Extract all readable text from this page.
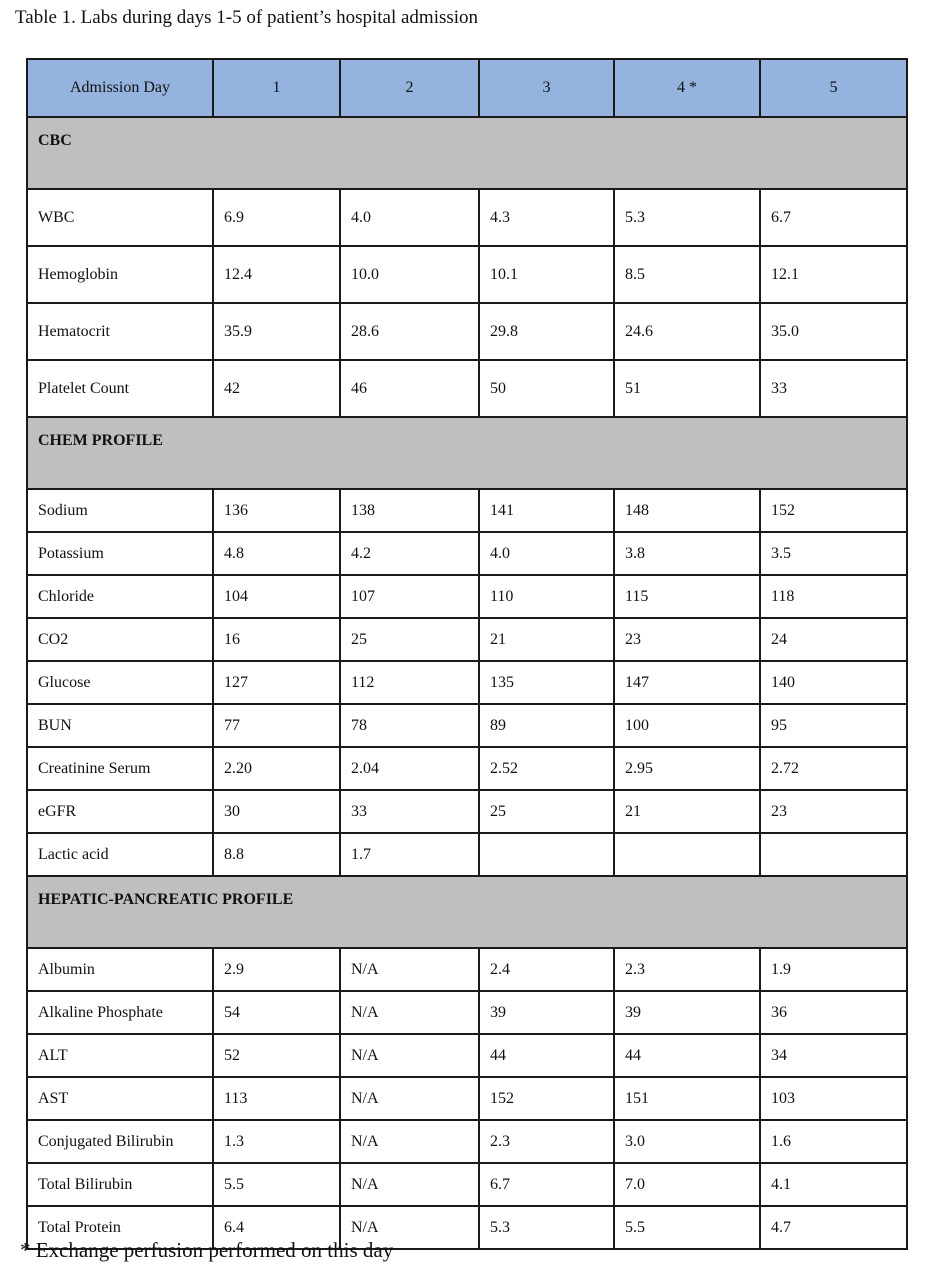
Table 1. Labs during days 1-5 of patient’s hospital admission
Admission Day	1	2	3	4 *	5
CBC					
WBC	6.9	4.0	4.3	5.3	6.7
Hemoglobin	12.4	10.0	10.1	8.5	12.1
Hematocrit	35.9	28.6	29.8	24.6	35.0
Platelet Count	42	46	50	51	33
CHEM PROFILE					
Sodium	136	138	141	148	152
Potassium	4.8	4.2	4.0	3.8	3.5
Chloride	104	107	110	115	118
CO2	16	25	21	23	24
Glucose	127	112	135	147	140
BUN	77	78	89	100	95
Creatinine Serum	2.20	2.04	2.52	2.95	2.72
eGFR	30	33	25	21	23
Lactic acid	8.8	1.7			
HEPATIC-PANCREATIC PROFILE					
Albumin	2.9	N/A	2.4	2.3	1.9
Alkaline Phosphate	54	N/A	39	39	36
ALT	52	N/A	44	44	34
AST	113	N/A	152	151	103
Conjugated Bilirubin	1.3	N/A	2.3	3.0	1.6
Total Bilirubin	5.5	N/A	6.7	7.0	4.1
Total Protein	6.4	N/A	5.3	5.5	4.7
* Exchange perfusion performed on this day
